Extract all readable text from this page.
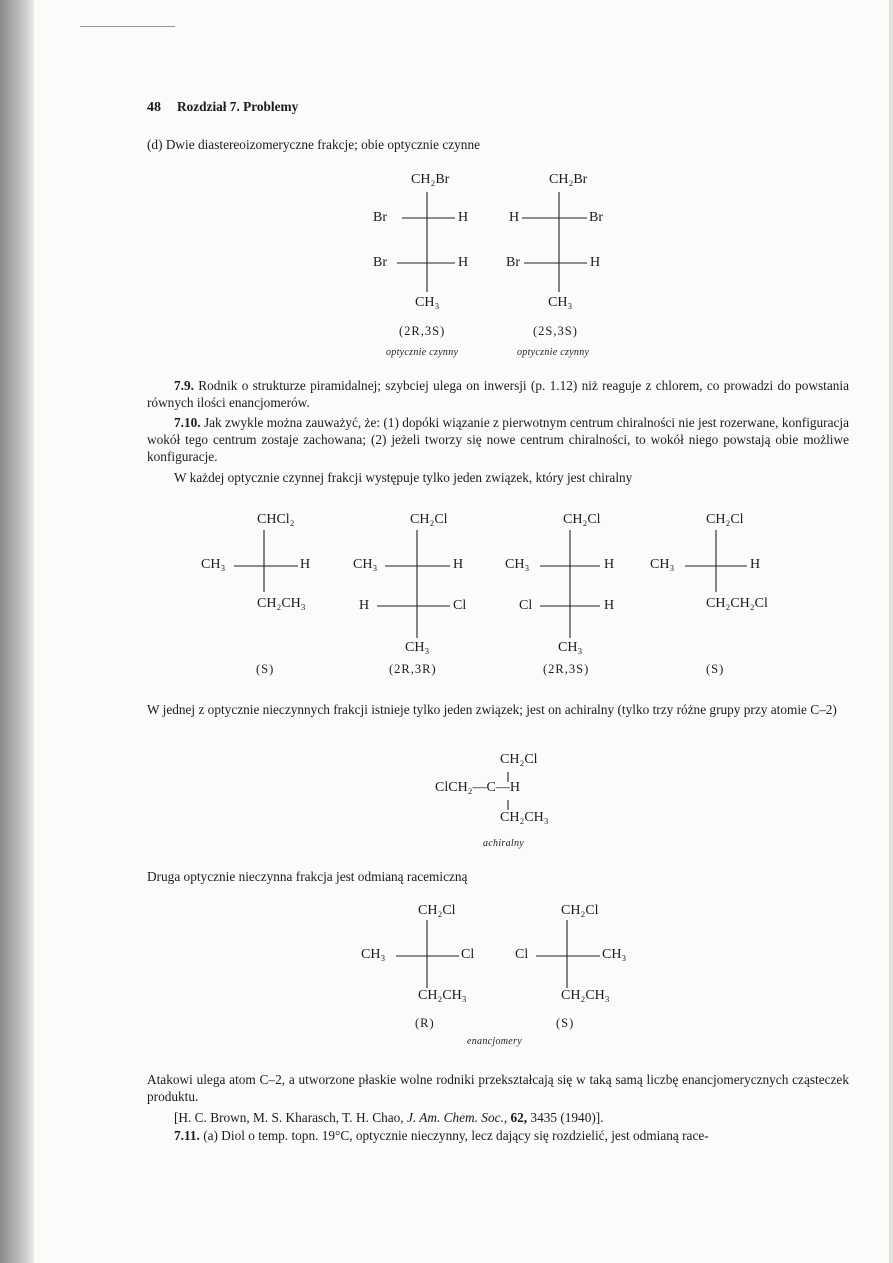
48 Rozdział 7. Problemy
(d) Dwie diastereoizomeryczne frakcje; obie optycznie czynne
CH₂Br
Br	H
Br	H
CH₃
(2R,3S)
optycznie czynny
CH₂Br
H	Br
Br	H
CH₃
(2S,3S)
optycznie czynny
7.9. Rodnik o strukturze piramidalnej; szybciej ulega on inwersji (p. 1.12) niż reaguje z chlorem, co prowadzi do powstania równych ilości enancjomerów.
7.10. Jak zwykle można zauważyć, że: (1) dopóki wiązanie z pierwotnym centrum chiralności nie jest rozerwane, konfiguracja wokół tego centrum zostaje zachowana; (2) jeżeli tworzy się nowe centrum chiralności, to wokół niego powstają obie możliwe konfiguracje.
W każdej optycznie czynnej frakcji występuje tylko jeden związek, który jest chiralny
CHCl₂
CH₃	H
CH₂CH₃
(S)
CH₂Cl
CH₃	H
H	Cl
CH₃
(2R,3R)
CH₂Cl
CH₃	H
Cl	H
CH₃
(2R,3S)
CH₂Cl
CH₃	H
CH₂CH₂Cl
(S)
W jednej z optycznie nieczynnych frakcji istnieje tylko jeden związek; jest on achiralny (tylko trzy różne grupy przy atomie C–2)
CH₂Cl
ClCH₂—C—H
CH₂CH₃
achiralny
Druga optycznie nieczynna frakcja jest odmianą racemiczną
CH₂Cl
CH₃	Cl
CH₂CH₃
(R)
CH₂Cl
Cl	CH₃
CH₂CH₃
(S)
enancjomery
Atakowi ulega atom C–2, a utworzone płaskie wolne rodniki przekształcają się w taką samą liczbę enancjomerycznych cząsteczek produktu.
[H. C. Brown, M. S. Kharasch, T. H. Chao, J. Am. Chem. Soc., 62, 3435 (1940)].
7.11. (a) Diol o temp. topn. 19°C, optycznie nieczynny, lecz dający się rozdzielić, jest odmianą race-
